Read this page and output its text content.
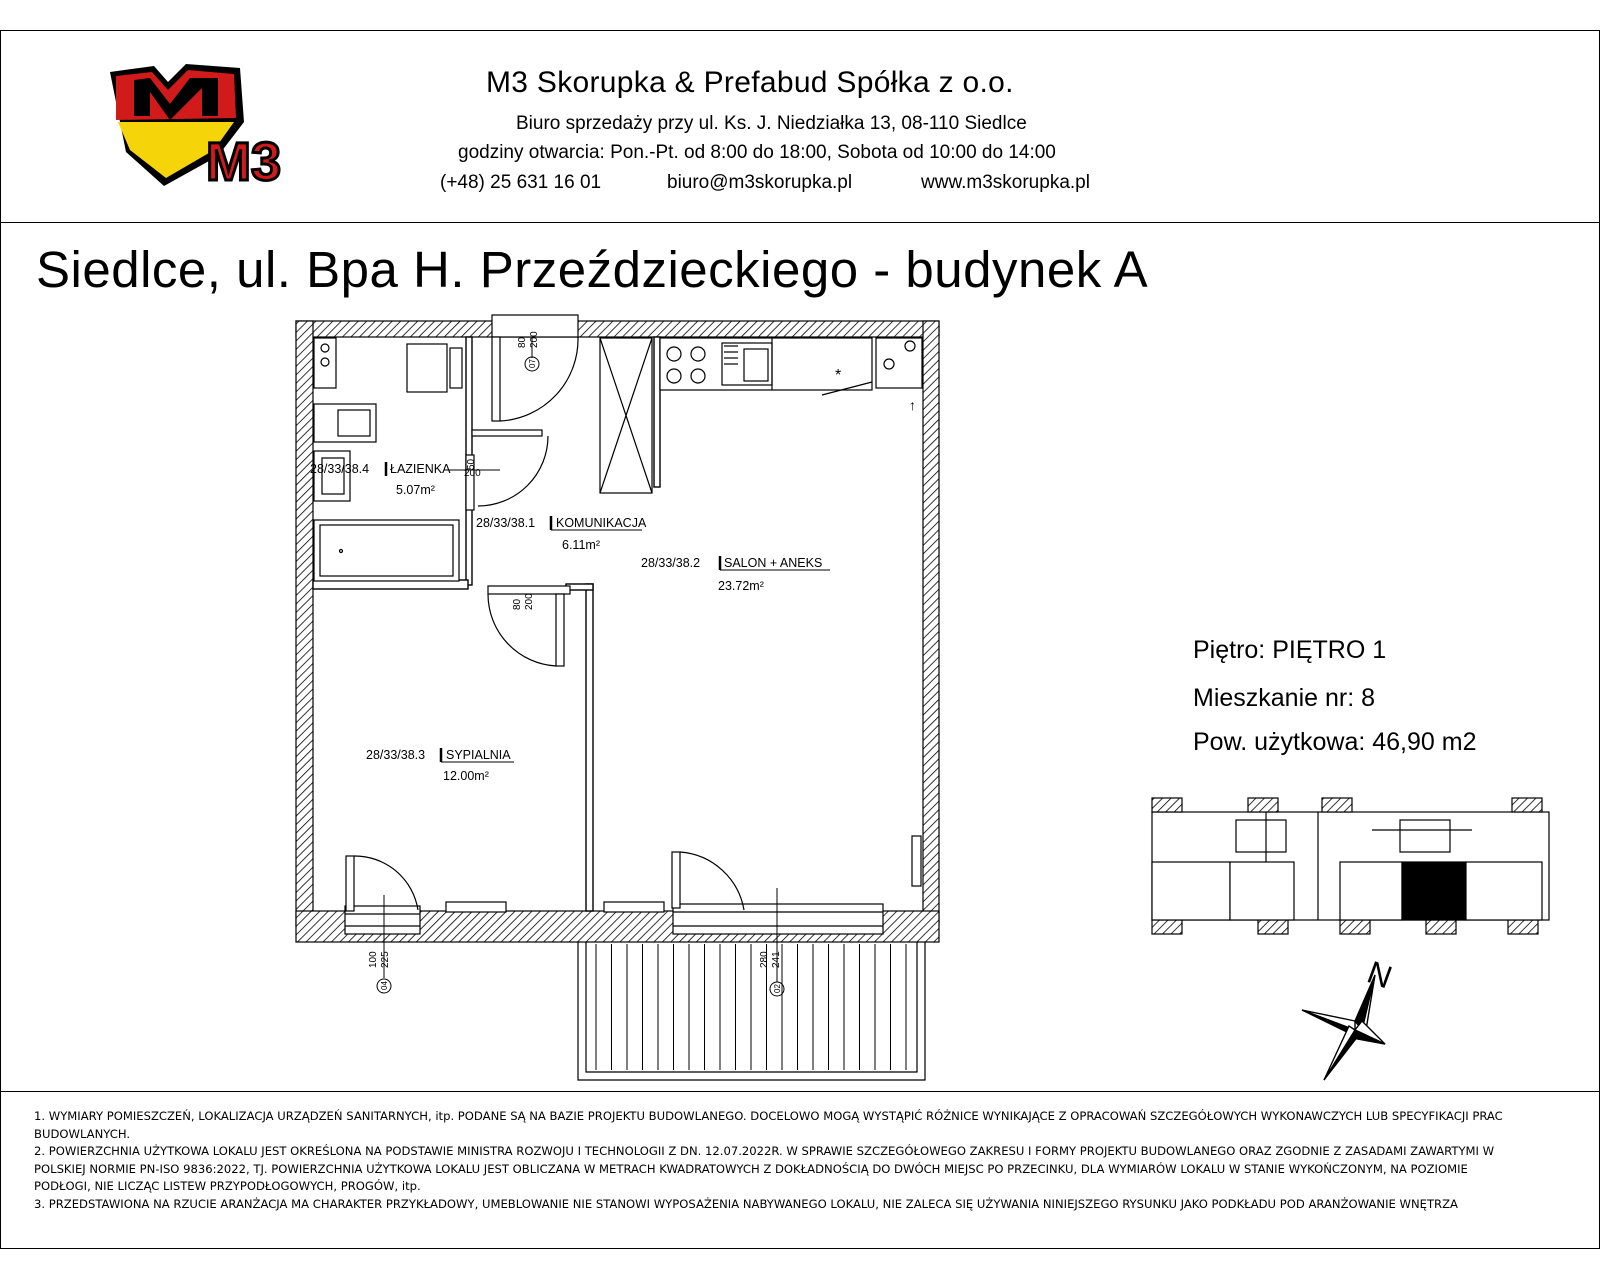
M3
M3 Skorupka & Prefabud Spółka z o.o.
Biuro sprzedaży przy ul. Ks. J. Niedziałka 13, 08-110 Siedlce
godziny otwarcia: Pon.-Pt. od 8:00 do 18:00, Sobota od 10:00 do 14:00
(+48) 25 631 16 01	biuro@m3skorupka.pl	www.m3skorupka.pl
Siedlce, ul. Bpa H. Przeździeckiego - budynek A
*
↑
80 200
50
200
80 200
100 225	280 241
07
04	02
28/33/38.4 ŁAZIENKA
5.07m²
28/33/38.1 KOMUNIKACJA
6.11m²
28/33/38.2 SALON + ANEKS
23.72m²
28/33/38.3 SYPIALNIA
12.00m²
N
Piętro: PIĘTRO 1
Mieszkanie nr: 8
Pow. użytkowa: 46,90 m2

1. WYMIARY POMIESZCZEŃ, LOKALIZACJA URZĄDZEŃ SANITARNYCH, itp. PODANE SĄ NA BAZIE PROJEKTU BUDOWLANEGO. DOCELOWO MOGĄ WYSTĄPIĆ RÓŻNICE WYNIKAJĄCE Z OPRACOWAŃ SZCZEGÓŁOWYCH WYKONAWCZYCH LUB SPECYFIKACJI PRAC BUDOWLANYCH.

2. POWIERZCHNIA UŻYTKOWA LOKALU JEST OKREŚLONA NA PODSTAWIE MINISTRA ROZWOJU I TECHNOLOGII Z DN. 12.07.2022R. W SPRAWIE SZCZEGÓŁOWEGO ZAKRESU I FORMY PROJEKTU BUDOWLANEGO ORAZ ZGODNIE Z ZASADAMI ZAWARTYMI W POLSKIEJ NORMIE PN-ISO 9836:2022, TJ. POWIERZCHNIA UŻYTKOWA LOKALU JEST OBLICZANA W METRACH KWADRATOWYCH Z DOKŁADNOŚCIĄ DO DWÓCH MIEJSC PO PRZECINKU, DLA WYMIARÓW LOKALU W STANIE WYKOŃCZONYM, NA POZIOMIE PODŁOGI, NIE LICZĄC LISTEW PRZYPODŁOGOWYCH, PROGÓW, itp.

3. PRZEDSTAWIONA NA RZUCIE ARANŻACJA MA CHARAKTER PRZYKŁADOWY, UMEBLOWANIE NIE STANOWI WYPOSAŻENIA NABYWANEGO LOKALU, NIE ZALECA SIĘ UŻYWANIA NINIEJSZEGO RYSUNKU JAKO PODKŁADU POD ARANŻOWANIE WNĘTRZA
